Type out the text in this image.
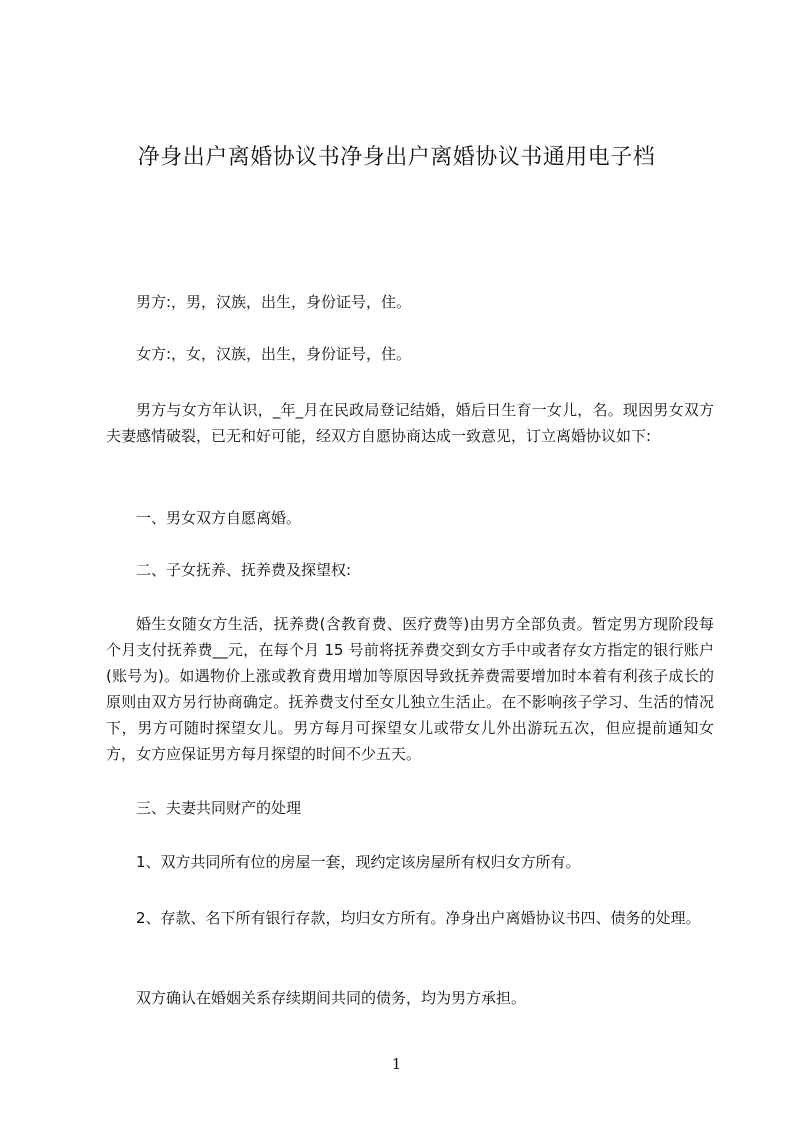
净身出户离婚协议书净身出户离婚协议书通用电子档

男方:，男，汉族，出生，身份证号，住。

女方:，女，汉族，出生，身份证号，住。

男方与女方年认识，_年_月在民政局登记结婚，婚后日生育一女儿，名。现因男女双方夫妻感情破裂，已无和好可能，经双方自愿协商达成一致意见，订立离婚协议如下:

一、男女双方自愿离婚。

二、子女抚养、抚养费及探望权:

婚生女随女方生活，抚养费(含教育费、医疗费等)由男方全部负责。暂定男方现阶段每个月支付抚养费__元，在每个月 15 号前将抚养费交到女方手中或者存女方指定的银行账户(账号为)。如遇物价上涨或教育费用增加等原因导致抚养费需要增加时本着有利孩子成长的原则由双方另行协商确定。抚养费支付至女儿独立生活止。在不影响孩子学习、生活的情况下，男方可随时探望女儿。男方每月可探望女儿或带女儿外出游玩五次，但应提前通知女方，女方应保证男方每月探望的时间不少五天。

三、夫妻共同财产的处理

1、双方共同所有位的房屋一套，现约定该房屋所有权归女方所有。

2、存款、名下所有银行存款，均归女方所有。净身出户离婚协议书四、债务的处理。

双方确认在婚姻关系存续期间共同的债务，均为男方承担。

1
